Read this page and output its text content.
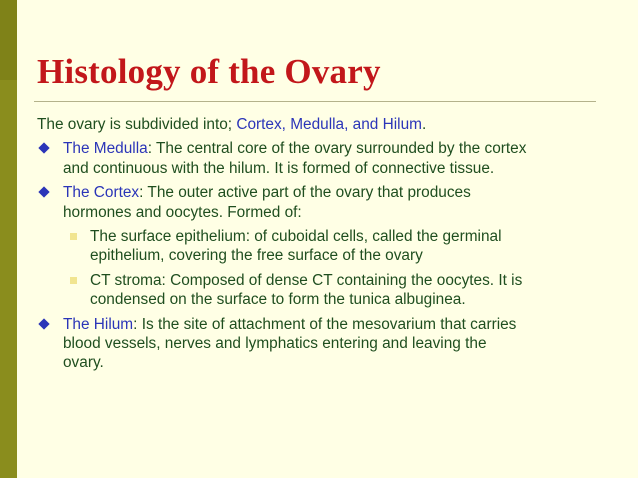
Histology of the Ovary

The ovary is subdivided into; Cortex, Medulla, and Hilum.

The Medulla: The central core of the ovary surrounded by the cortex
and continuous with the hilum. It is formed of connective tissue.
The Cortex: The outer active part of the ovary that produces
hormones and oocytes. Formed of:
The surface epithelium: of cuboidal cells, called the germinal
epithelium, covering the free surface of the ovary
CT stroma: Composed of dense CT containing the oocytes. It is
condensed on the surface to form the tunica albuginea.
The Hilum: Is the site of attachment of the mesovarium that carries
blood vessels, nerves and lymphatics entering and leaving the
ovary.
